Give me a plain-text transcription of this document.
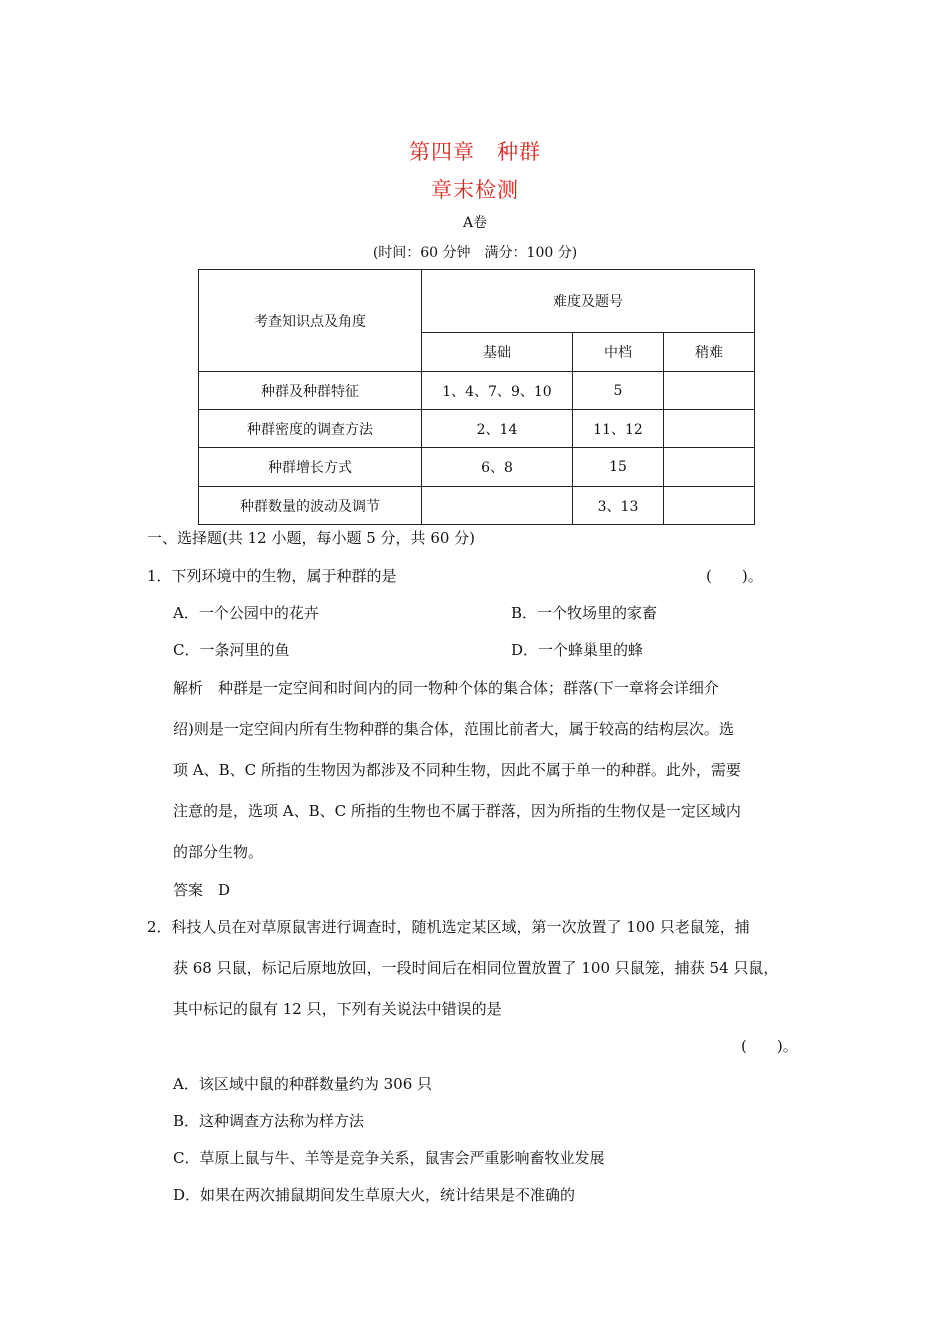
第四章　种群
章末检测
A卷
(时间：60 分钟　满分：100 分)
考查知识点及角度	难度及题号		
	基础	中档	稍难
种群及种群特征	1、4、7、9、10	5	
种群密度的调查方法	2、14	11、12	
种群增长方式	6、8	15	
种群数量的波动及调节		3、13	
一、选择题(共 12 小题，每小题 5 分，共 60 分)
1．下列环境中的生物，属于种群的是	(　　)。
A．一个公园中的花卉	B．一个牧场里的家畜
C．一条河里的鱼	D．一个蜂巢里的蜂
解析　种群是一定空间和时间内的同一物种个体的集合体；群落(下一章将会详细介
绍)则是一定空间内所有生物种群的集合体，范围比前者大，属于较高的结构层次。选
项 A、B、C 所指的生物因为都涉及不同种生物，因此不属于单一的种群。此外，需要
注意的是，选项 A、B、C 所指的生物也不属于群落，因为所指的生物仅是一定区域内
的部分生物。
答案　D
2．科技人员在对草原鼠害进行调查时，随机选定某区域，第一次放置了 100 只老鼠笼，捕
获 68 只鼠，标记后原地放回，一段时间后在相同位置放置了 100 只鼠笼，捕获 54 只鼠，
其中标记的鼠有 12 只，下列有关说法中错误的是
(　　)。
A．该区域中鼠的种群数量约为 306 只
B．这种调查方法称为样方法
C．草原上鼠与牛、羊等是竞争关系，鼠害会严重影响畜牧业发展
D．如果在两次捕鼠期间发生草原大火，统计结果是不准确的
